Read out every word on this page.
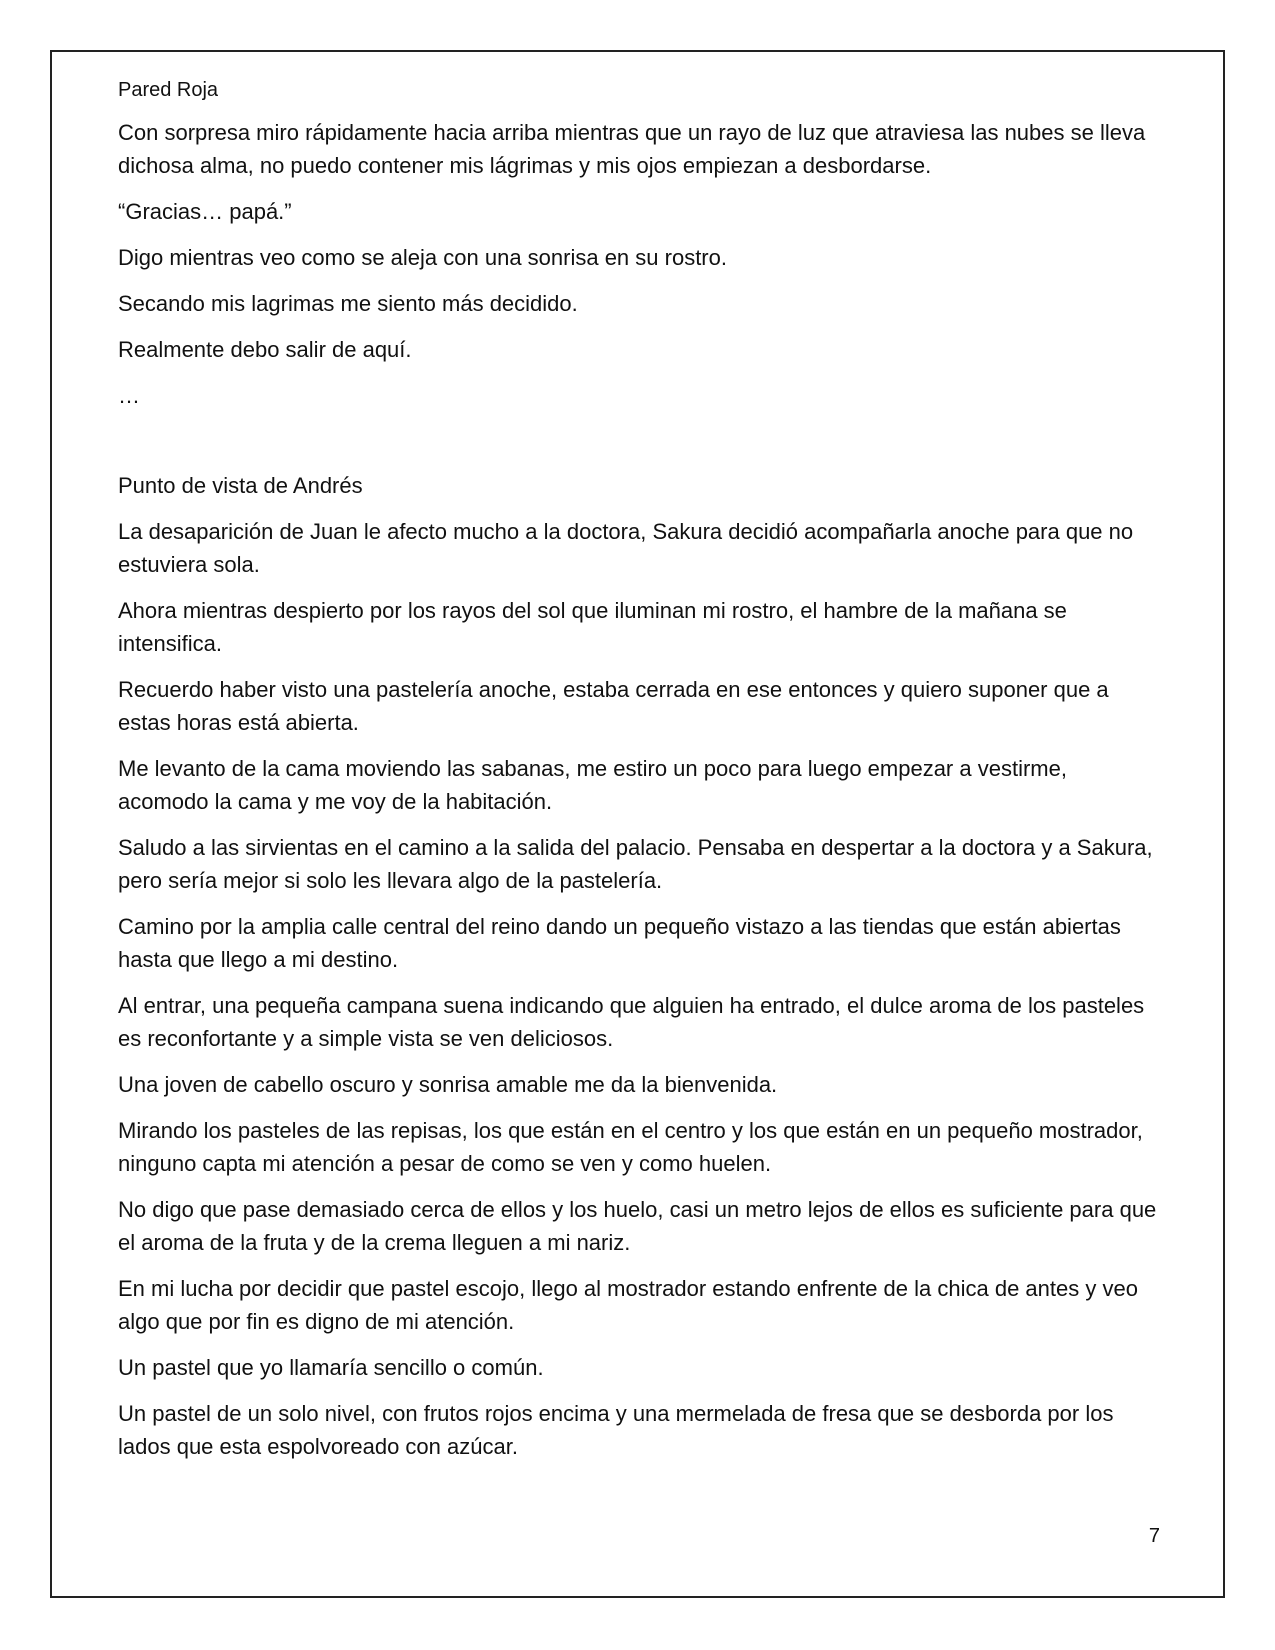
Pared Roja

Con sorpresa miro rápidamente hacia arriba mientras que un rayo de luz que atraviesa las nubes se lleva dichosa alma, no puedo contener mis lágrimas y mis ojos empiezan a desbordarse.

“Gracias… papá.”

Digo mientras veo como se aleja con una sonrisa en su rostro.

Secando mis lagrimas me siento más decidido.

Realmente debo salir de aquí.

…

Punto de vista de Andrés

La desaparición de Juan le afecto mucho a la doctora, Sakura decidió acompañarla anoche para que no estuviera sola.

Ahora mientras despierto por los rayos del sol que iluminan mi rostro, el hambre de la mañana se intensifica.

Recuerdo haber visto una pastelería anoche, estaba cerrada en ese entonces y quiero suponer que a estas horas está abierta.

Me levanto de la cama moviendo las sabanas, me estiro un poco para luego empezar a vestirme, acomodo la cama y me voy de la habitación.

Saludo a las sirvientas en el camino a la salida del palacio. Pensaba en despertar a la doctora y a Sakura, pero sería mejor si solo les llevara algo de la pastelería.

Camino por la amplia calle central del reino dando un pequeño vistazo a las tiendas que están abiertas hasta que llego a mi destino.

Al entrar, una pequeña campana suena indicando que alguien ha entrado, el dulce aroma de los pasteles es reconfortante y a simple vista se ven deliciosos.

Una joven de cabello oscuro y sonrisa amable me da la bienvenida.

Mirando los pasteles de las repisas, los que están en el centro y los que están en un pequeño mostrador, ninguno capta mi atención a pesar de como se ven y como huelen.

No digo que pase demasiado cerca de ellos y los huelo, casi un metro lejos de ellos es suficiente para que el aroma de la fruta y de la crema lleguen a mi nariz.

En mi lucha por decidir que pastel escojo, llego al mostrador estando enfrente de la chica de antes y veo algo que por fin es digno de mi atención.

Un pastel que yo llamaría sencillo o común.

Un pastel de un solo nivel, con frutos rojos encima y una mermelada de fresa que se desborda por los lados que esta espolvoreado con azúcar.

7
